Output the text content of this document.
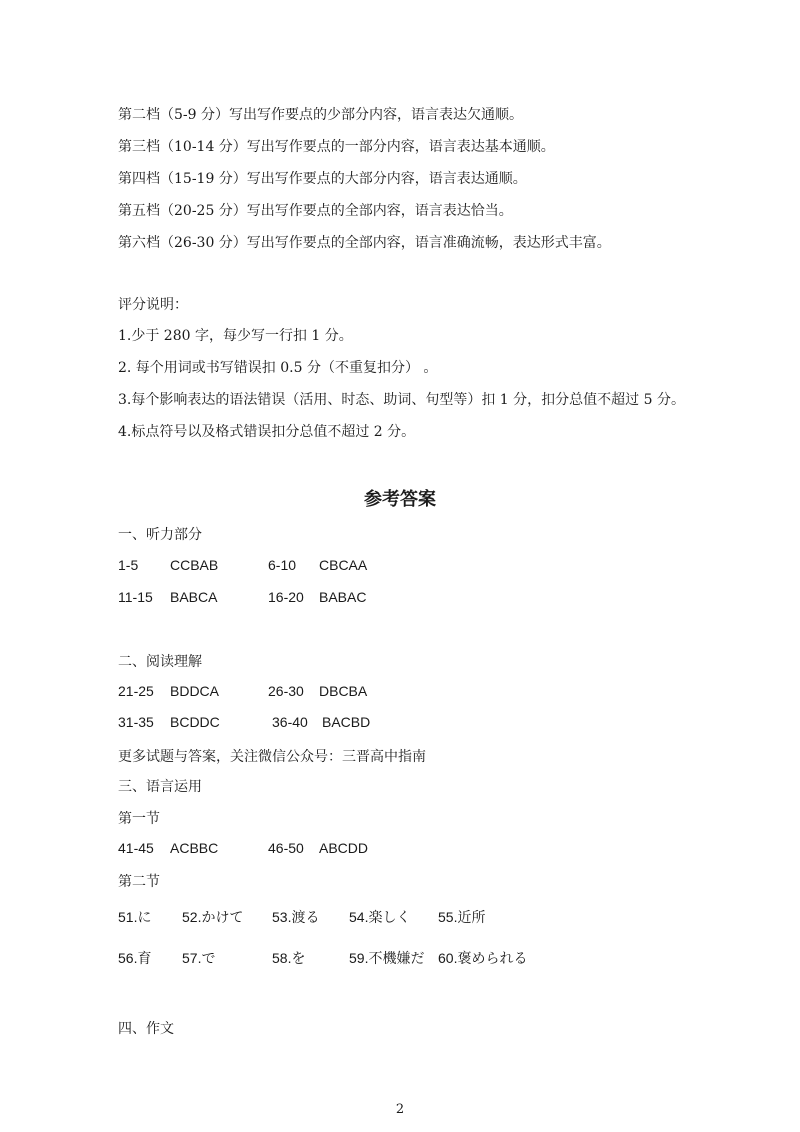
第二档（5-9 分）写出写作要点的少部分内容，语言表达欠通顺。
第三档（10-14 分）写出写作要点的一部分内容，语言表达基本通顺。
第四档（15-19 分）写出写作要点的大部分内容，语言表达通顺。
第五档（20-25 分）写出写作要点的全部内容，语言表达恰当。
第六档（26-30 分）写出写作要点的全部内容，语言准确流畅，表达形式丰富。
评分说明：
1.少于 280 字，每少写一行扣 1 分。
2. 每个用词或书写错误扣 0.5 分（不重复扣分） 。
3.每个影响表达的语法错误（活用、时态、助词、句型等）扣 1 分，扣分总值不超过 5 分。
4.标点符号以及格式错误扣分总值不超过 2 分。
参考答案
一、听力部分
1-5 CCBAB	6-10 CBCAA
11-15 BABCA	16-20 BABAC
二、阅读理解
21-25 BDDCA	26-30 DBCBA
31-35 BCDDC	36-40 BACBD
更多试题与答案，关注微信公众号：三晋高中指南
三、语言运用
第一节
41-45 ACBBC	46-50 ABCDD
第二节
51.に 52.かけて 53.渡る 54.楽しく 55.近所
56.育 57.で	58.を	59.不機嫌だ 60.褒められる
四、作文
2
